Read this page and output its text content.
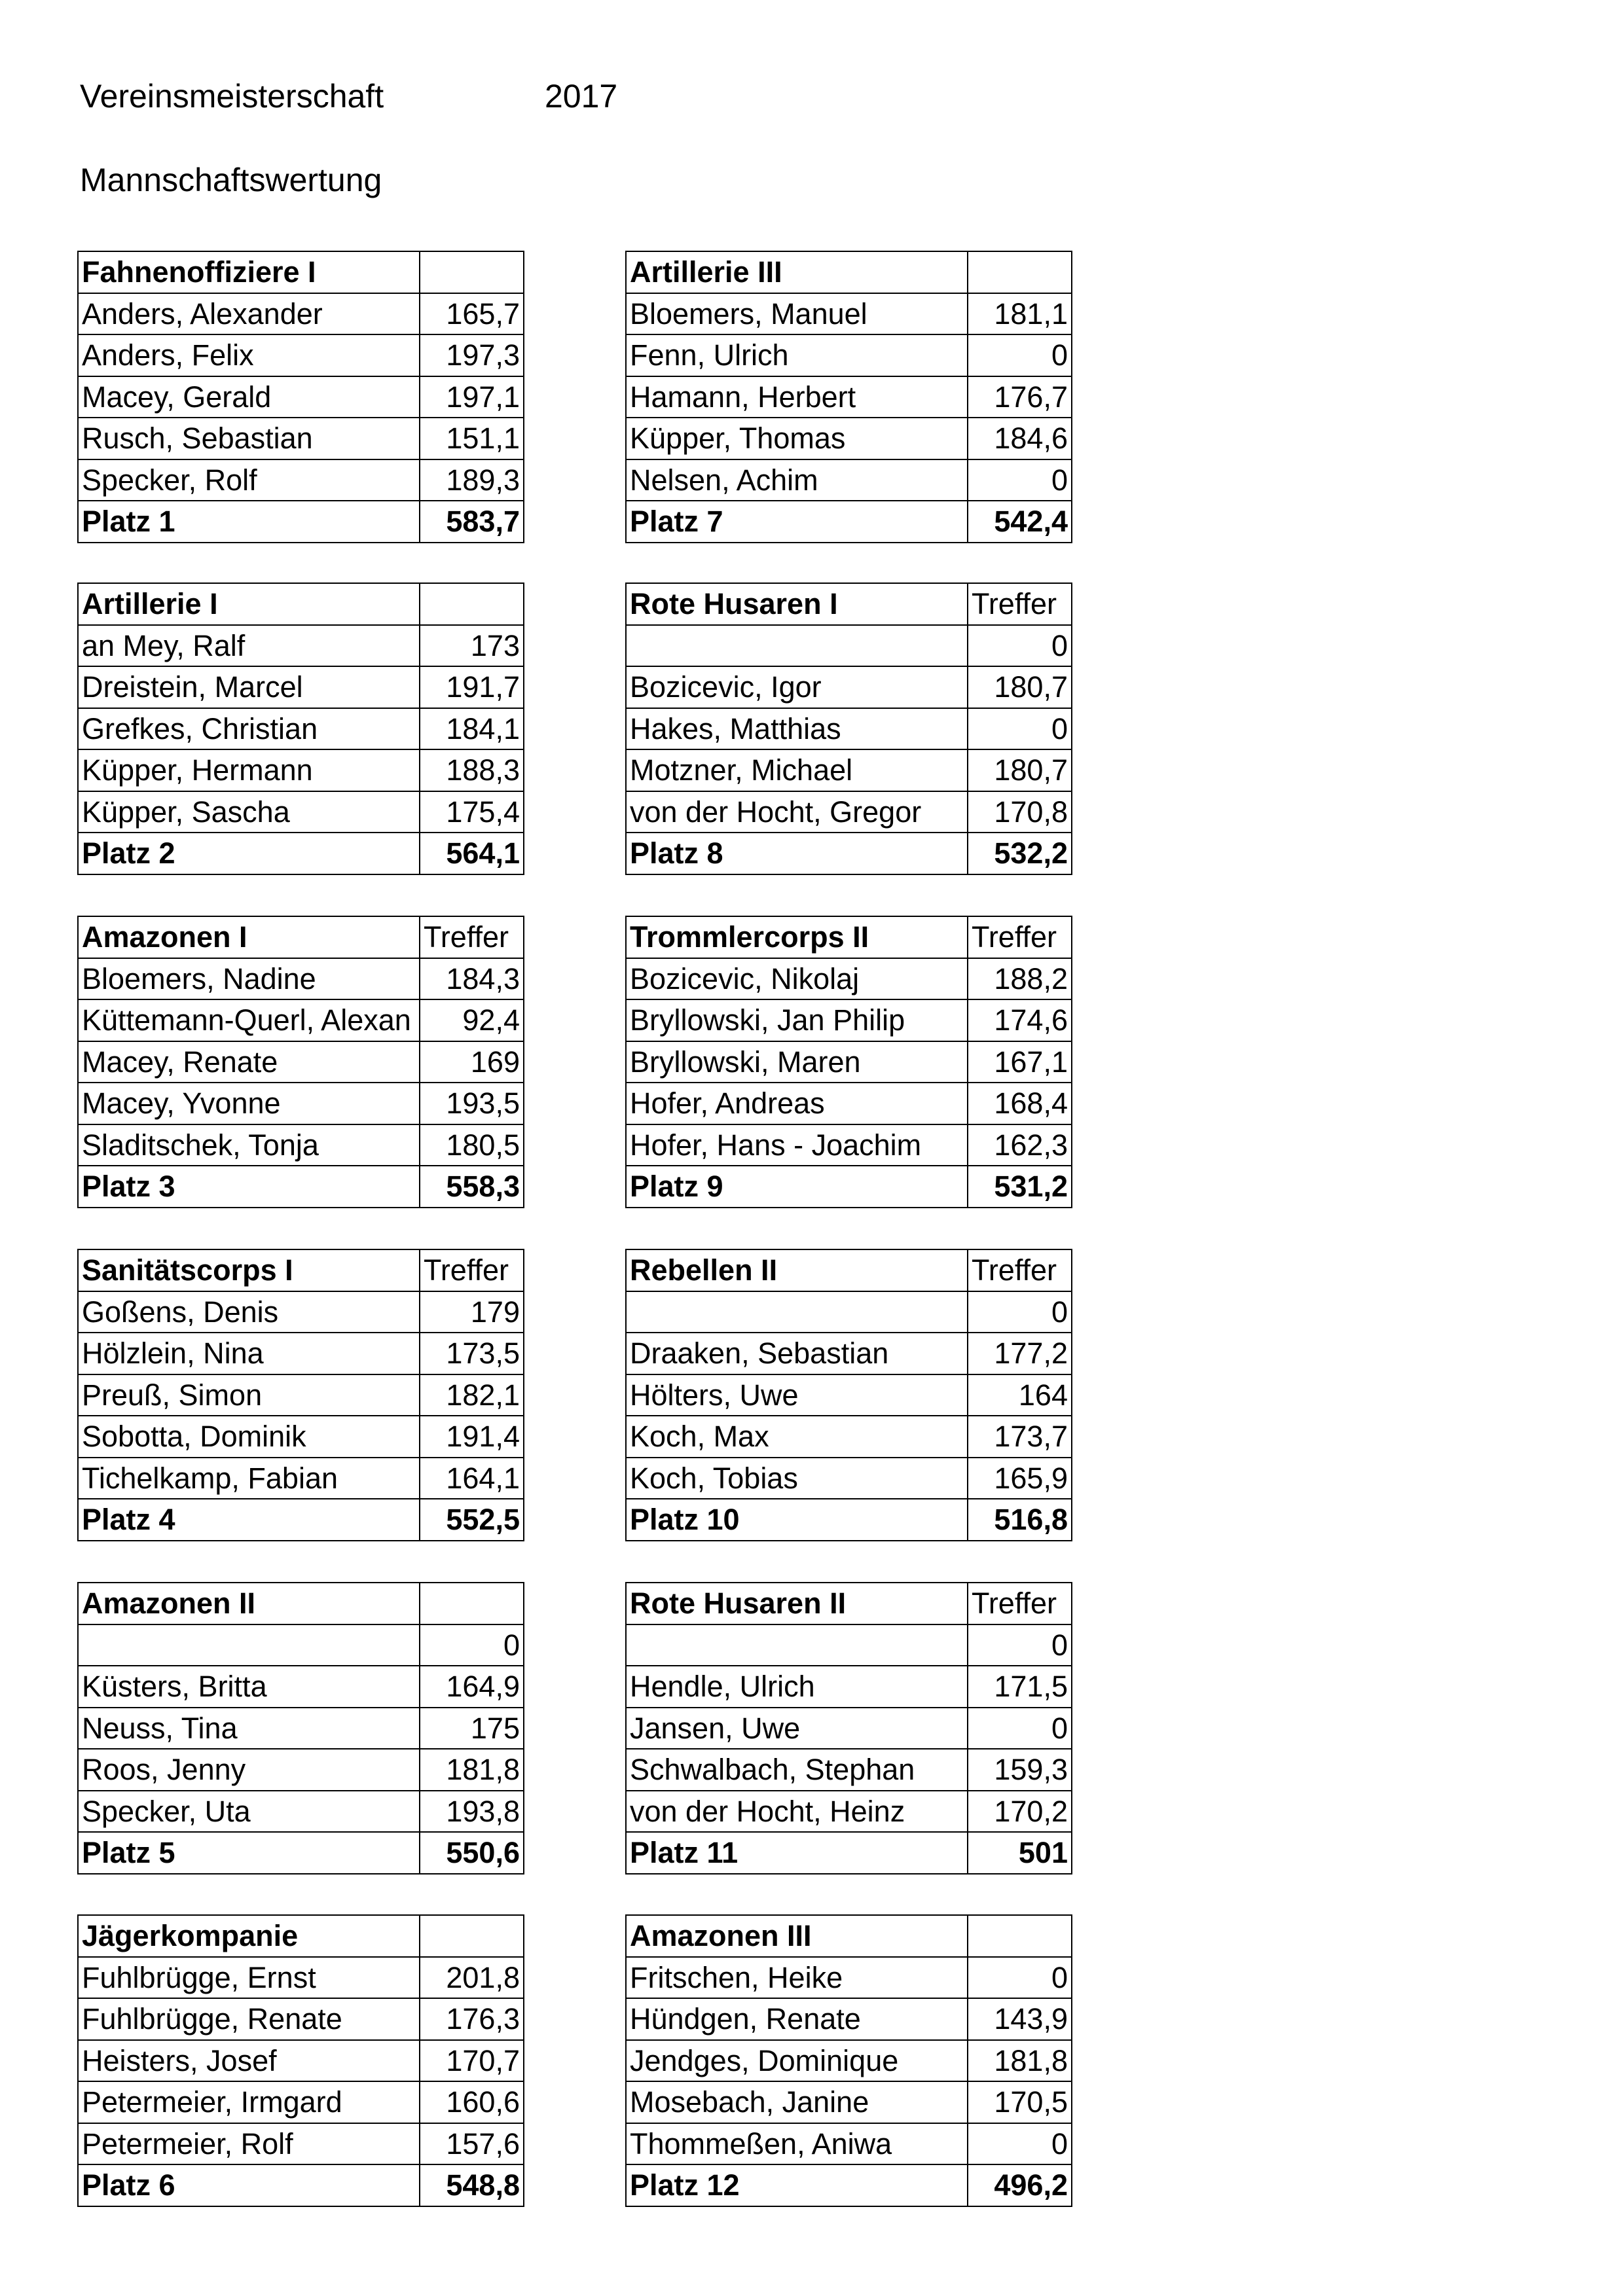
Vereinsmeisterschaft	2017
Mannschaftswertung
Fahnenoffiziere I	
Anders, Alexander	165,7
Anders, Felix	197,3
Macey, Gerald	197,1
Rusch, Sebastian	151,1
Specker, Rolf	189,3
Platz 1	583,7
Artillerie III	
Bloemers, Manuel	181,1
Fenn, Ulrich	0
Hamann, Herbert	176,7
Küpper, Thomas	184,6
Nelsen, Achim	0
Platz 7	542,4
Artillerie I	
an Mey, Ralf	173
Dreistein, Marcel	191,7
Grefkes, Christian	184,1
Küpper, Hermann	188,3
Küpper, Sascha	175,4
Platz 2	564,1
Rote Husaren I	Treffer
	0
Bozicevic, Igor	180,7
Hakes, Matthias	0
Motzner, Michael	180,7
von der Hocht, Gregor	170,8
Platz 8	532,2
Amazonen I	Treffer
Bloemers, Nadine	184,3
Küttemann-Querl, Alexan	92,4
Macey, Renate	169
Macey, Yvonne	193,5
Sladitschek, Tonja	180,5
Platz 3	558,3
Trommlercorps II	Treffer
Bozicevic, Nikolaj	188,2
Bryllowski, Jan Philip	174,6
Bryllowski, Maren	167,1
Hofer, Andreas	168,4
Hofer, Hans - Joachim	162,3
Platz 9	531,2
Sanitätscorps I	Treffer
Goßens, Denis	179
Hölzlein, Nina	173,5
Preuß, Simon	182,1
Sobotta, Dominik	191,4
Tichelkamp, Fabian	164,1
Platz 4	552,5
Rebellen II	Treffer
	0
Draaken, Sebastian	177,2
Hölters, Uwe	164
Koch, Max	173,7
Koch, Tobias	165,9
Platz 10	516,8
Amazonen II	
	0
Küsters, Britta	164,9
Neuss, Tina	175
Roos, Jenny	181,8
Specker, Uta	193,8
Platz 5	550,6
Rote Husaren II	Treffer
	0
Hendle, Ulrich	171,5
Jansen, Uwe	0
Schwalbach, Stephan	159,3
von der Hocht, Heinz	170,2
Platz 11	501
Jägerkompanie	
Fuhlbrügge, Ernst	201,8
Fuhlbrügge, Renate	176,3
Heisters, Josef	170,7
Petermeier, Irmgard	160,6
Petermeier, Rolf	157,6
Platz 6	548,8
Amazonen III	
Fritschen, Heike	0
Hündgen, Renate	143,9
Jendges, Dominique	181,8
Mosebach, Janine	170,5
Thommeßen, Aniwa	0
Platz 12	496,2
